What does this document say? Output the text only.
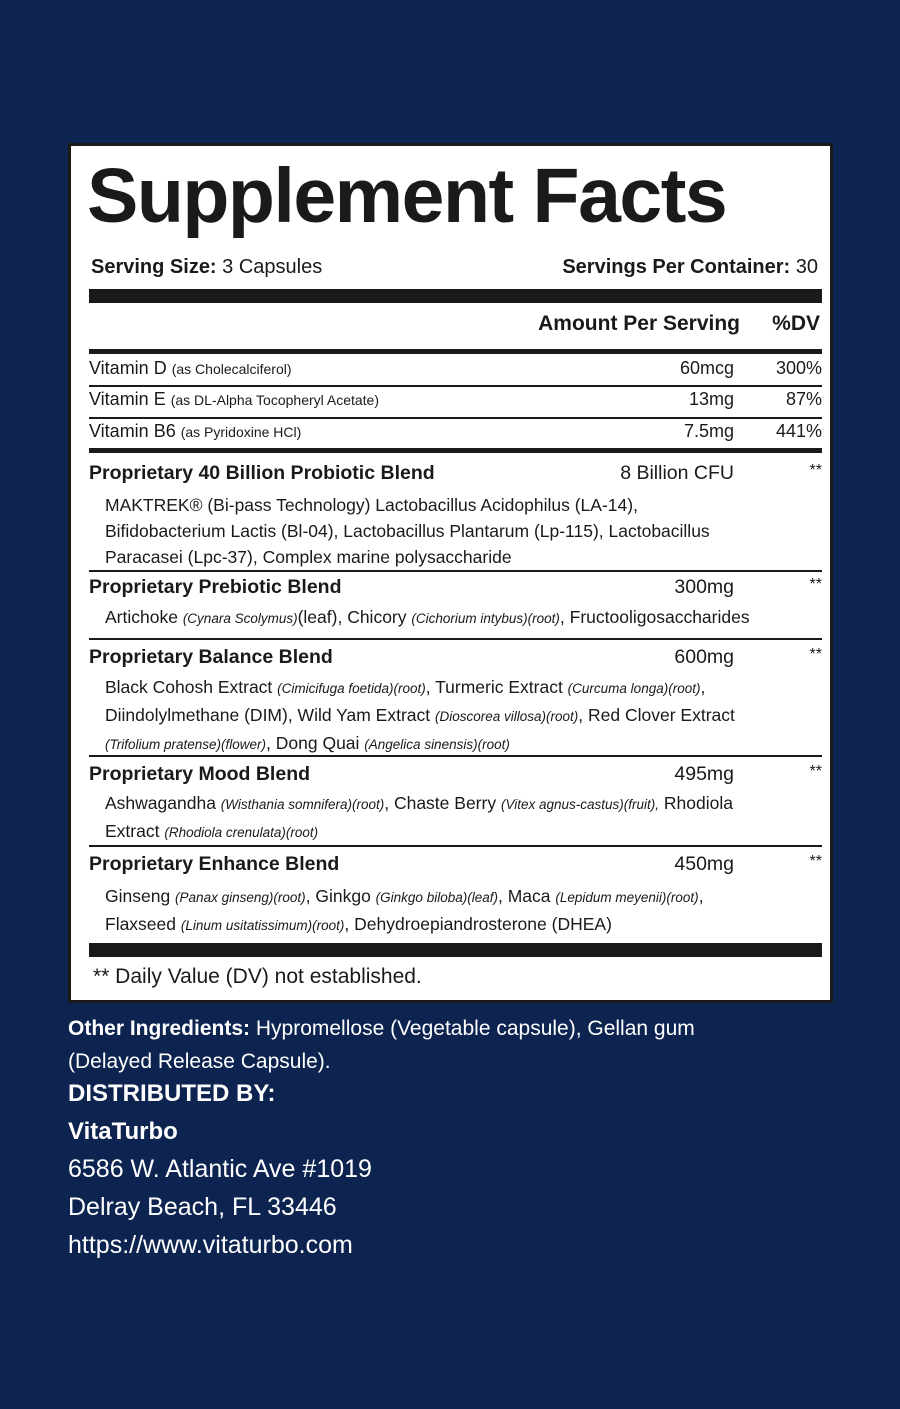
Supplement Facts
Serving Size: 3 Capsules	Servings Per Container: 30
Amount Per Serving %DV
Vitamin D (as Cholecalciferol)	60mcg 300%
Vitamin E (as DL-Alpha Tocopheryl Acetate)	13mg	87%
Vitamin B6 (as Pyridoxine HCl)	7.5mg 441%
Proprietary 40 Billion Probiotic Blend	8 Billion CFU	**
MAKTREK® (Bi-pass Technology) Lactobacillus Acidophilus (LA-14),
Bifidobacterium Lactis (Bl-04), Lactobacillus Plantarum (Lp-115), Lactobacillus
Paracasei (Lpc-37), Complex marine polysaccharide
Proprietary Prebiotic Blend	300mg	**
Artichoke (Cynara Scolymus)(leaf), Chicory (Cichorium intybus)(root), Fructooligosaccharides
Proprietary Balance Blend	600mg	**
Black Cohosh Extract (Cimicifuga foetida)(root), Turmeric Extract (Curcuma longa)(root),
Diindolylmethane (DIM), Wild Yam Extract (Dioscorea villosa)(root), Red Clover Extract
(Trifolium pratense)(flower), Dong Quai (Angelica sinensis)(root)
Proprietary Mood Blend	495mg	**
Ashwagandha (Wisthania somnifera)(root), Chaste Berry (Vitex agnus-castus)(fruit), Rhodiola
Extract (Rhodiola crenulata)(root)
Proprietary Enhance Blend	450mg	**
Ginseng (Panax ginseng)(root), Ginkgo (Ginkgo biloba)(leaf), Maca (Lepidum meyenii)(root),
Flaxseed (Linum usitatissimum)(root), Dehydroepiandrosterone (DHEA)
** Daily Value (DV) not established.
Other Ingredients: Hypromellose (Vegetable capsule), Gellan gum
(Delayed Release Capsule).
DISTRIBUTED BY:
VitaTurbo
6586 W. Atlantic Ave #1019
Delray Beach, FL 33446
https://www.vitaturbo.com
